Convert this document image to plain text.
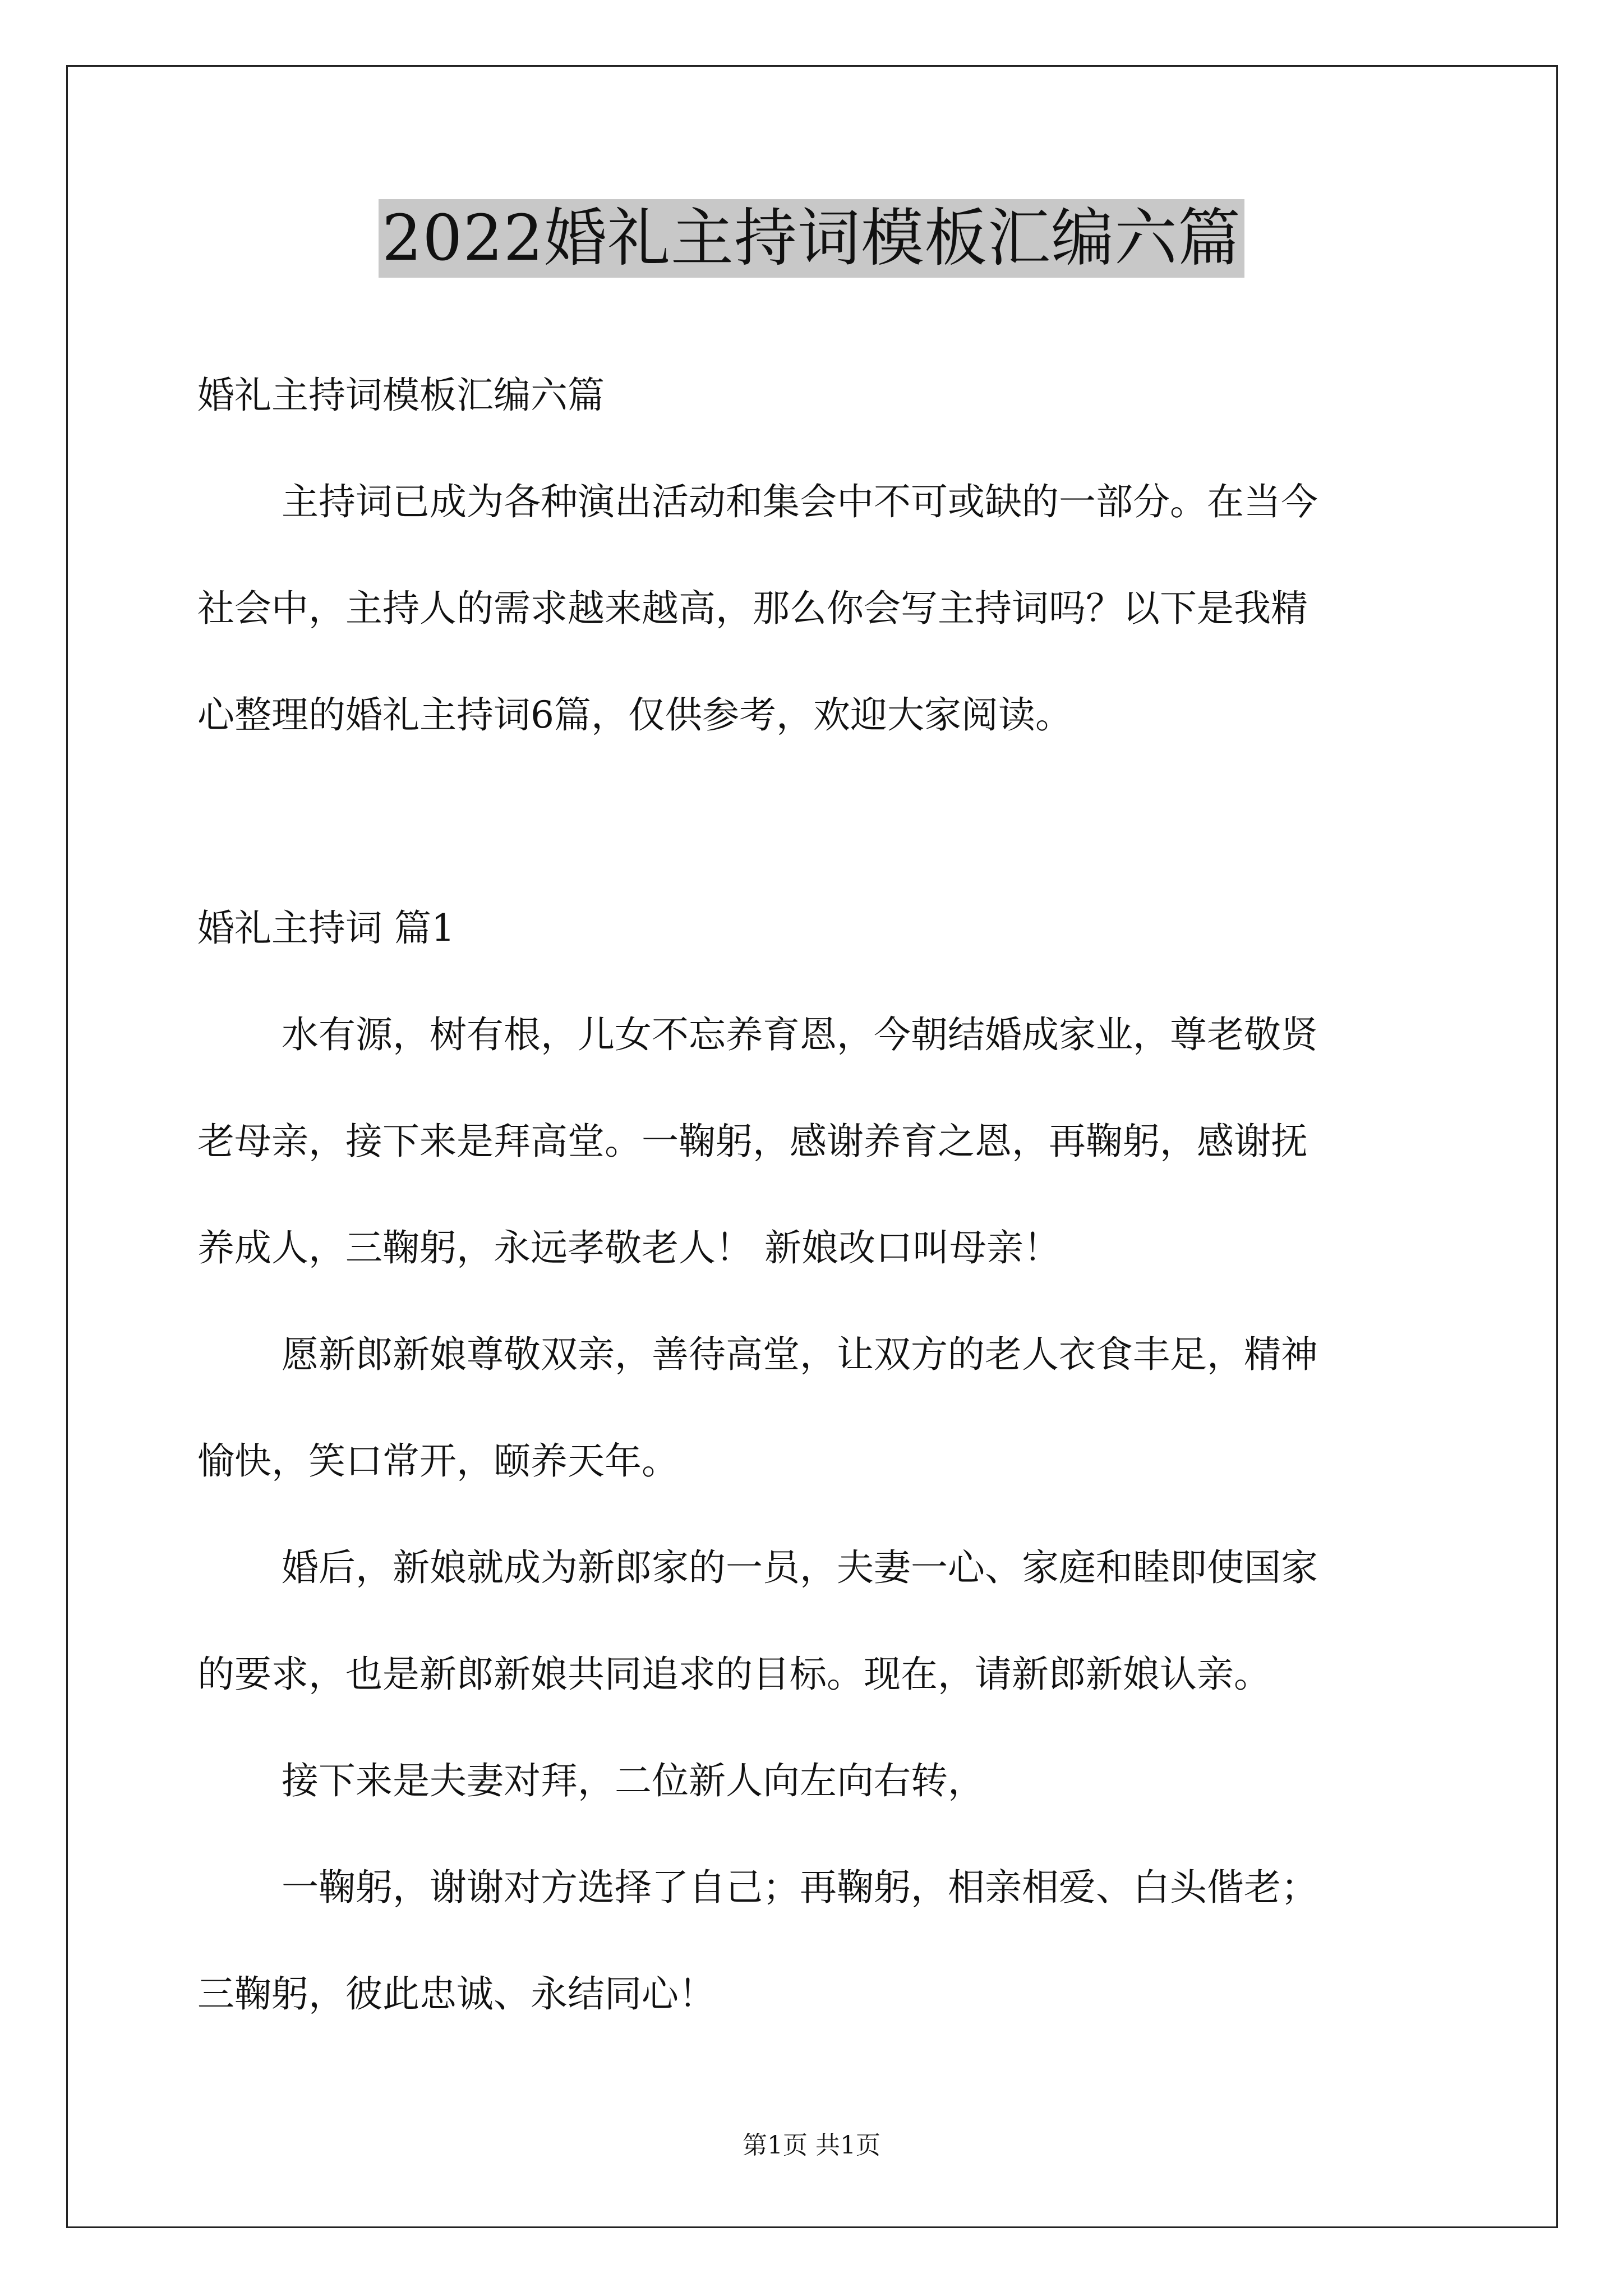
2022婚礼主持词模板汇编六篇
婚礼主持词模板汇编六篇
主持词已成为各种演出活动和集会中不可或缺的一部分。在当今
社会中，主持人的需求越来越高，那么你会写主持词吗？以下是我精
心整理的婚礼主持词6篇，仅供参考，欢迎大家阅读。
婚礼主持词 篇1
水有源，树有根，儿女不忘养育恩，今朝结婚成家业，尊老敬贤
老母亲，接下来是拜高堂。一鞠躬，感谢养育之恩，再鞠躬，感谢抚
养成人，三鞠躬，永远孝敬老人！ 新娘改口叫母亲！
愿新郎新娘尊敬双亲，善待高堂，让双方的老人衣食丰足，精神
愉快，笑口常开，颐养天年。
婚后，新娘就成为新郎家的一员，夫妻一心、家庭和睦即使国家
的要求，也是新郎新娘共同追求的目标。现在，请新郎新娘认亲。
接下来是夫妻对拜，二位新人向左向右转，
一鞠躬，谢谢对方选择了自己；再鞠躬，相亲相爱、白头偕老；
三鞠躬，彼此忠诚、永结同心！
第1页 共1页
